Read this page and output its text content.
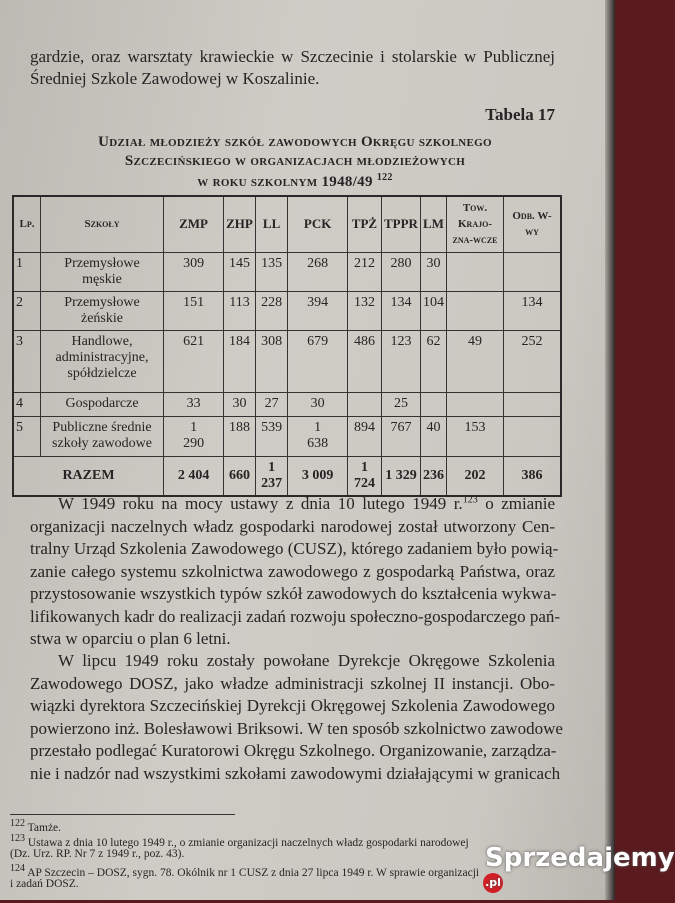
gardzie, oraz warsztaty krawieckie w Szczecinie i stolarskie w Publicznej
Średniej Szkole Zawodowej w Koszalinie.
Tabela 17
Udział młodzieży szkół zawodowych Okręgu szkolnego
Szczecińskiego w organizacjach młodzieżowych
w roku szkolnym 1948/49 $^{122}$
Lp.	Szkoły	ZMP	ZHP	LL	PCK	TPŻ	TPPR	LM	Tow. Krajo-zna-wcze	Odb. W-wy
1	Przemysłowe męskie	309	145	135	268	212	280	30		
2	Przemysłowe żeńskie	151	113	228	394	132	134	104		134
3	Handlowe, administracyjne, spółdzielcze	621	184	308	679	486	123	62	49	252
4	Gospodarcze	33	30	27	30		25			
5	Publiczne średnie szkoły zawodowe	1 290	188	539	1 638	894	767	40	153	
RAZEM		2 404	660	1 237	3 009	1 724	1 329	236	202	386
W 1949 roku na mocy ustawy z dnia 10 lutego 1949 r.$^{123}$ o zmianie
organizacji naczelnych władz gospodarki narodowej został utworzony Cen-
tralny Urząd Szkolenia Zawodowego (CUSZ), którego zadaniem było powią-
zanie całego systemu szkolnictwa zawodowego z gospodarką Państwa, oraz
przystosowanie wszystkich typów szkół zawodowych do kształcenia wykwa-
lifikowanych kadr do realizacji zadań rozwoju społeczno-gospodarczego pań-
stwa w oparciu o plan 6 letni.
W lipcu 1949 roku zostały powołane Dyrekcje Okręgowe Szkolenia
Zawodowego DOSZ, jako władze administracji szkolnej II instancji. Obo-
wiązki dyrektora Szczecińskiej Dyrekcji Okręgowej Szkolenia Zawodowego
powierzono inż. Bolesławowi Briksowi. W ten sposób szkolnictwo zawodowe
przestało podlegać Kuratorowi Okręgu Szkolnego. Organizowanie, zarządza-
nie i nadzór nad wszystkimi szkołami zawodowymi działającymi w granicach
$^{122}$ Tamże.
$^{123}$ Ustawa z dnia 10 lutego 1949 r., o zmianie organizacji naczelnych władz gospodarki narodowej
(Dz. Urz. RP. Nr 7 z 1949 r., poz. 43).
$^{124}$ AP Szczecin – DOSZ, sygn. 78. Okólnik nr 1 CUSZ z dnia 27 lipca 1949 r. W sprawie organizacji
i zadań DOSZ.
Sprzedajemy.pl
